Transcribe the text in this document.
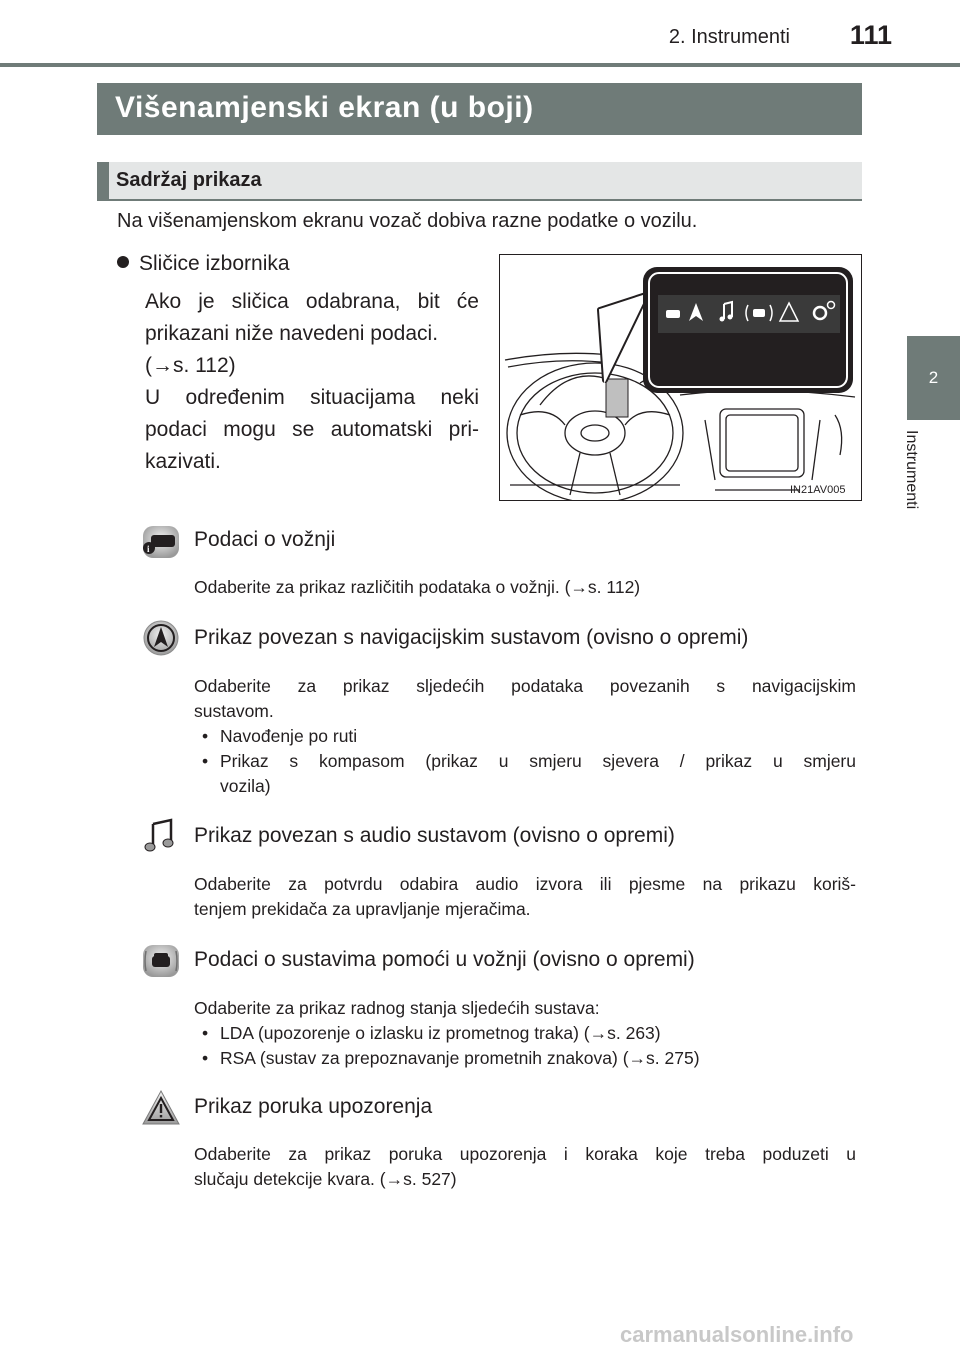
2. Instrumenti	111
2
Instrumenti
Višenamjenski ekran (u boji)
Sadržaj prikaza
Na višenamjenskom ekranu vozač dobiva razne podatke o vozilu.
Sličice izbornika
Ako je sličica odabrana, bit će
prikazani niže navedeni podaci.
(→s. 112)
U određenim situacijama neki
podaci mogu se automatski pri-
kazivati.
IN21AV005
i Podaci o vožnji
Odaberite za prikaz različitih podataka o vožnji. (→s. 112)
Prikaz povezan s navigacijskim sustavom (ovisno o opremi)
Odaberite za prikaz sljedećih podataka povezanih s navigacijskim
sustavom.
• Navođenje po ruti
• Prikaz s kompasom (prikaz u smjeru sjevera / prikaz u smjeru
vozila)
Prikaz povezan s audio sustavom (ovisno o opremi)
Odaberite za potvrdu odabira audio izvora ili pjesme na prikazu koriš-
tenjem prekidača za upravljanje mjeračima.
Podaci o sustavima pomoći u vožnji (ovisno o opremi)
Odaberite za prikaz radnog stanja sljedećih sustava:
• LDA (upozorenje o izlasku iz prometnog traka) (→s. 263)
• RSA (sustav za prepoznavanje prometnih znakova) (→s. 275)
Prikaz poruka upozorenja
Odaberite za prikaz poruka upozorenja i koraka koje treba poduzeti u
slučaju detekcije kvara. (→s. 527)
carmanualsonline.info
